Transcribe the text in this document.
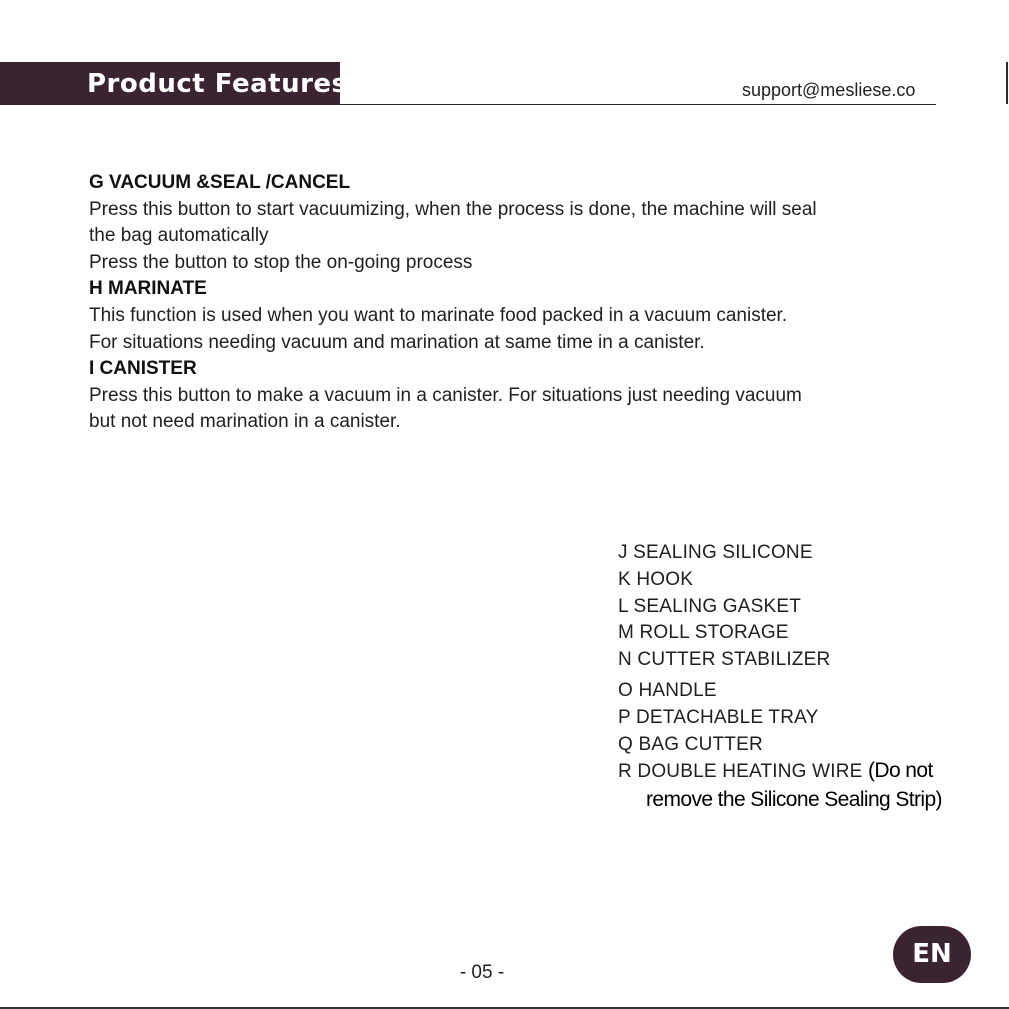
Product Features	support@mesliese.co
G VACUUM &SEAL /CANCEL
Press this button to start vacuumizing, when the process is done, the machine will seal
the bag automatically
Press the button to stop the on-going process
H MARINATE
This function is used when you want to marinate food packed in a vacuum canister.
For situations needing vacuum and marination at same time in a canister.
I CANISTER
Press this button to make a vacuum in a canister. For situations just needing vacuum
but not need marination in a canister.
J SEALING SILICONE
K HOOK
L SEALING GASKET
M ROLL STORAGE
N CUTTER STABILIZER
O HANDLE
P DETACHABLE TRAY
Q BAG CUTTER
R DOUBLE HEATING WIRE (Do not
remove the Silicone Sealing Strip)
- 05 -
EN
